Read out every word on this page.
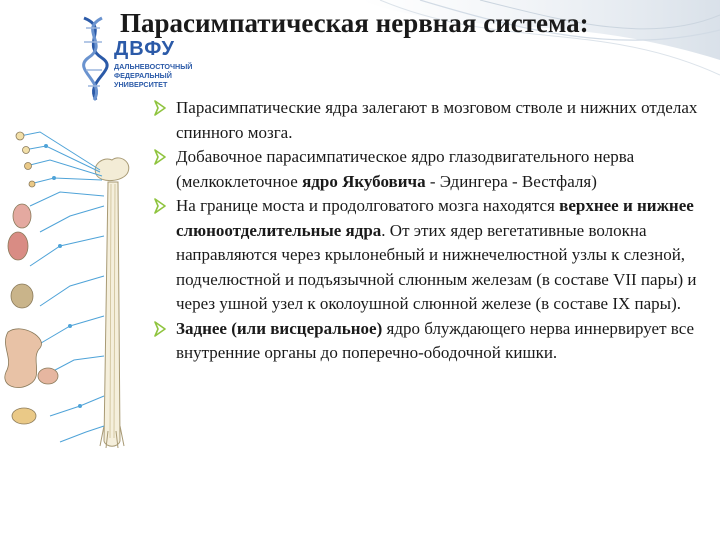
Парасимпатическая нервная система:
ДВФУ
ДАЛЬНЕВОСТОЧНЫЙ
ФЕДЕРАЛЬНЫЙ
УНИВЕРСИТЕТ
Парасимпатические ядра залегают в мозговом стволе и нижних отделах спинного мозга.
Добавочное парасимпатическое ядро глазодвигательного нерва (мелкоклеточное ядро Якубовича - Эдингера - Вестфаля)
На границе моста и продолговатого мозга находятся верхнее и нижнее слюноотделительные ядра. От этих ядер вегетативные волокна направляются через крылонебный и нижнечелюстной узлы к слезной, подчелюстной и подъязычной слюнным железам (в составе VII пары) и через ушной узел к околоушной слюнной железе (в составе IX пары).
Заднее (или висцеральное) ядро блуждающего нерва иннервирует все внутренние органы до поперечно-ободочной кишки.
